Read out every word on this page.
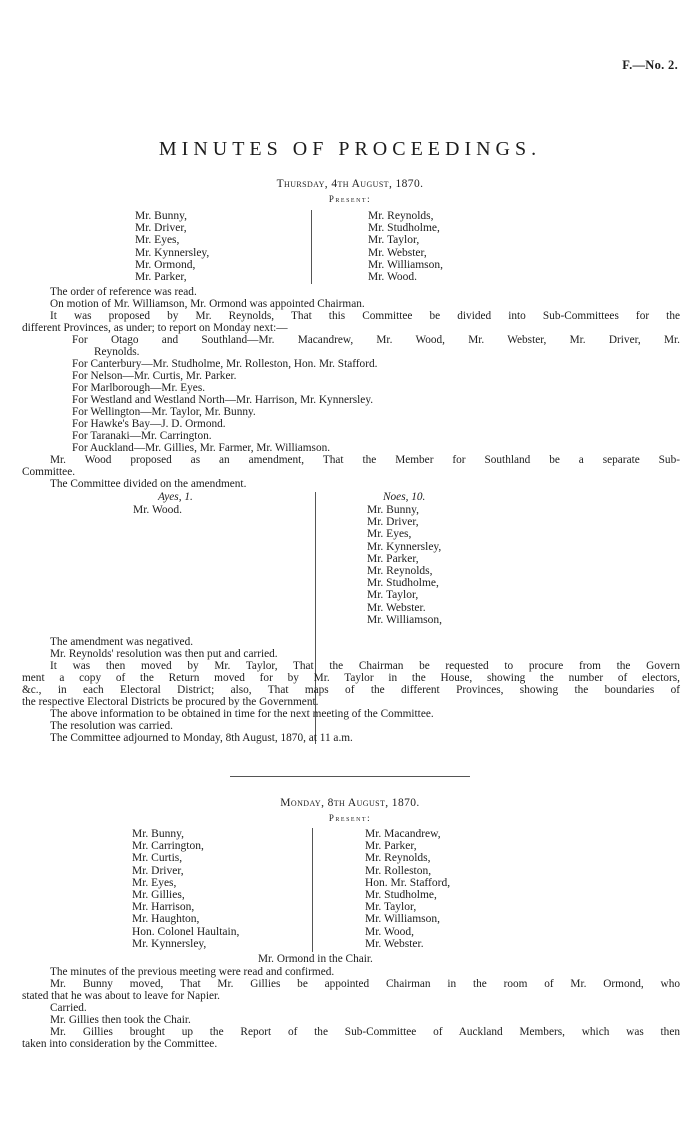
F.—No. 2.
MINUTES OF PROCEEDINGS.
Thursday, 4th August, 1870.
Present:
Mr. Bunny,
Mr. Driver,
Mr. Eyes,
Mr. Kynnersley,
Mr. Ormond,
Mr. Parker,
Mr. Reynolds,
Mr. Studholme,
Mr. Taylor,
Mr. Webster,
Mr. Williamson,
Mr. Wood.
The order of reference was read.
On motion of Mr. Williamson, Mr. Ormond was appointed Chairman.
It was proposed by Mr. Reynolds, That this Committee be divided into Sub-Committees for the
different Provinces, as under; to report on Monday next:—
For Otago and Southland—Mr. Macandrew, Mr. Wood, Mr. Webster, Mr. Driver, Mr.
Reynolds.
For Canterbury—Mr. Studholme, Mr. Rolleston, Hon. Mr. Stafford.
For Nelson—Mr. Curtis, Mr. Parker.
For Marlborough—Mr. Eyes.
For Westland and Westland North—Mr. Harrison, Mr. Kynnersley.
For Wellington—Mr. Taylor, Mr. Bunny.
For Hawke's Bay—J. D. Ormond.
For Taranaki—Mr. Carrington.
For Auckland—Mr. Gillies, Mr. Farmer, Mr. Williamson.
Mr. Wood proposed as an amendment, That the Member for Southland be a separate Sub-
Committee.
The Committee divided on the amendment.
Ayes, 1.
Mr. Wood.
Noes, 10.
Mr. Bunny,
Mr. Driver,
Mr. Eyes,
Mr. Kynnersley,
Mr. Parker,
Mr. Reynolds,
Mr. Studholme,
Mr. Taylor,
Mr. Webster.
Mr. Williamson,
The amendment was negatived.
Mr. Reynolds' resolution was then put and carried.
It was then moved by Mr. Taylor, That the Chairman be requested to procure from the Govern
ment a copy of the Return moved for by Mr. Taylor in the House, showing the number of electors,
&c., in each Electoral District; also, That maps of the different Provinces, showing the boundaries of
the respective Electoral Districts be procured by the Government.
The above information to be obtained in time for the next meeting of the Committee.
The resolution was carried.
The Committee adjourned to Monday, 8th August, 1870, at 11 a.m.
Monday, 8th August, 1870.
Present:
Mr. Bunny,
Mr. Carrington,
Mr. Curtis,
Mr. Driver,
Mr. Eyes,
Mr. Gillies,
Mr. Harrison,
Mr. Haughton,
Hon. Colonel Haultain,
Mr. Kynnersley,
Mr. Macandrew,
Mr. Parker,
Mr. Reynolds,
Mr. Rolleston,
Hon. Mr. Stafford,
Mr. Studholme,
Mr. Taylor,
Mr. Williamson,
Mr. Wood,
Mr. Webster.
Mr. Ormond in the Chair.
The minutes of the previous meeting were read and confirmed.
Mr. Bunny moved, That Mr. Gillies be appointed Chairman in the room of Mr. Ormond, who
stated that he was about to leave for Napier.
Carried.
Mr. Gillies then took the Chair.
Mr. Gillies brought up the Report of the Sub-Committee of Auckland Members, which was then
taken into consideration by the Committee.
